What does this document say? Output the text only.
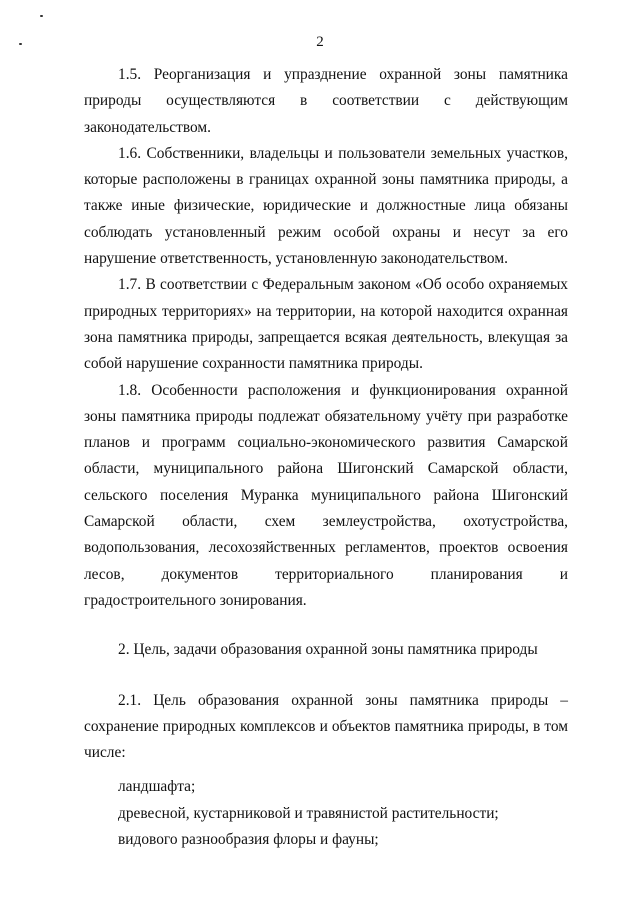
2

1.5. Реорганизация и упразднение охранной зоны памятника природы осуществляются в соответствии с действующим законодательством.

1.6. Собственники, владельцы и пользователи земельных участков, которые расположены в границах охранной зоны памятника природы, а также иные физические, юридические и должностные лица обязаны соблюдать установленный режим особой охраны и несут за его нарушение ответственность, установленную законодательством.

1.7. В соответствии с Федеральным законом «Об особо охраняемых природных территориях» на территории, на которой находится охранная зона памятника природы, запрещается всякая деятельность, влекущая за собой нарушение сохранности памятника природы.

1.8. Особенности расположения и функционирования охранной зоны памятника природы подлежат обязательному учёту при разработке планов и программ социально-экономического развития Самарской области, муниципального района Шигонский Самарской области, сельского поселения Муранка муниципального района Шигонский Самарской области, схем землеустройства, охотустройства, водопользования, лесохозяйственных регламентов, проектов освоения лесов, документов территориального планирования и градостроительного зонирования.

2. Цель, задачи образования охранной зоны памятника природы

2.1. Цель образования охранной зоны памятника природы – сохранение природных комплексов и объектов памятника природы, в том числе:

ландшафта;

древесной, кустарниковой и травянистой растительности;

видового разнообразия флоры и фауны;
